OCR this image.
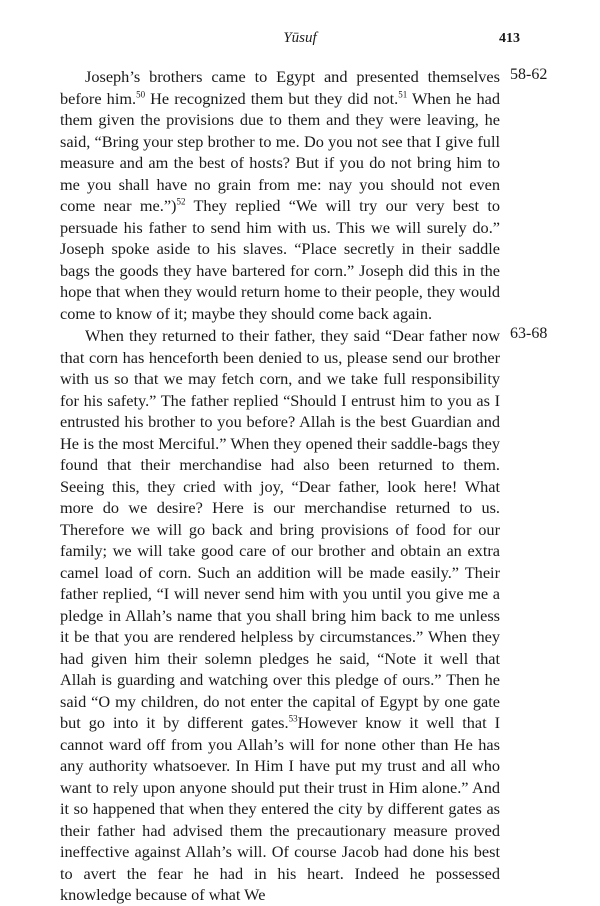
Yūsuf	413

Joseph’s brothers came to Egypt and presented themselves before him.$^{50}$ He recognized them but they did not.$^{51}$ When he had them given the provisions due to them and they were leaving, he said, “Bring your step brother to me. Do you not see that I give full measure and am the best of hosts? But if you do not bring him to me you shall have no grain from me: nay you should not even come near me.”)$^{52}$ They replied “We will try our very best to persuade his father to send him with us. This we will surely do.” Joseph spoke aside to his slaves. “Place secretly in their saddle bags the goods they have bartered for corn.” Joseph did this in the hope that when they would return home to their people, they would come to know of it; maybe they should come back again.

58-62

When they returned to their father, they said “Dear father now that corn has henceforth been denied to us, please send our brother with us so that we may fetch corn, and we take full responsibility for his safety.” The father replied “Should I entrust him to you as I entrusted his brother to you before? Allah is the best Guardian and He is the most Merciful.” When they opened their saddle-bags they found that their merchandise had also been returned to them. Seeing this, they cried with joy, “Dear father, look here! What more do we desire? Here is our merchandise returned to us. Therefore we will go back and bring provisions of food for our family; we will take good care of our brother and obtain an extra camel load of corn. Such an addition will be made easily.” Their father replied, “I will never send him with you until you give me a pledge in Allah’s name that you shall bring him back to me unless it be that you are rendered helpless by circumstances.” When they had given him their solemn pledges he said, “Note it well that Allah is guarding and watching over this pledge of ours.” Then he said “O my children, do not enter the capital of Egypt by one gate but go into it by different gates.$^{53}$However know it well that I cannot ward off from you Allah’s will for none other than He has any authority whatsoever. In Him I have put my trust and all who want to rely upon anyone should put their trust in Him alone.” And it so happened that when they entered the city by different gates as their father had advised them the precautionary measure proved ineffective against Allah’s will. Of course Jacob had done his best to avert the fear he had in his heart. Indeed he possessed knowledge because of what We

63-68
